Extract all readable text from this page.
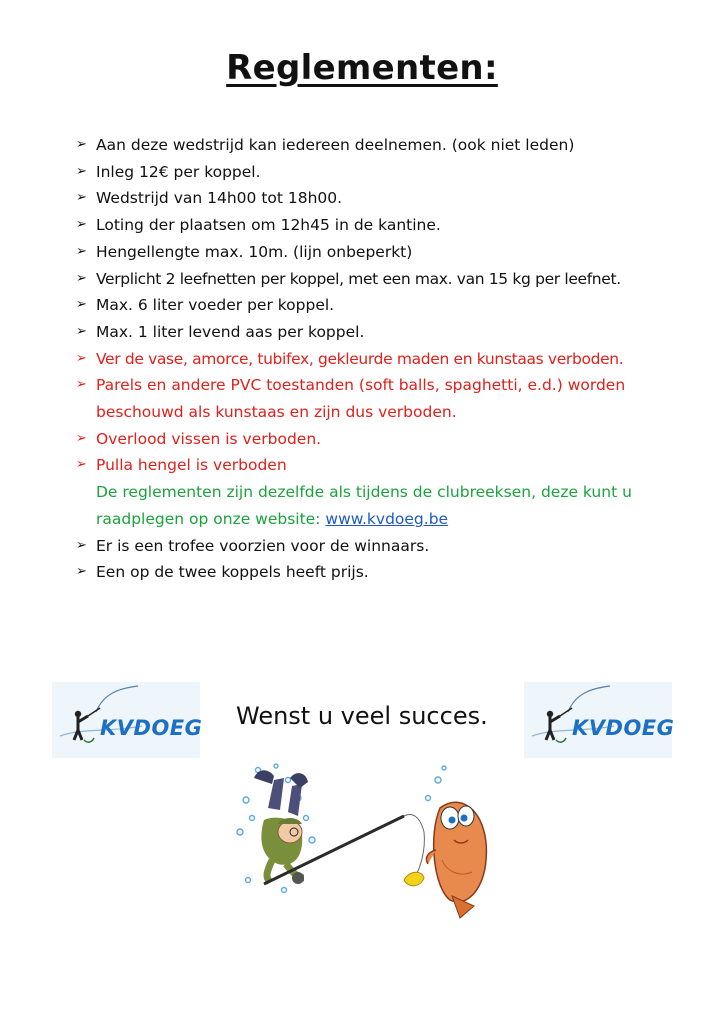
Reglementen:
➢ Aan deze wedstrijd kan iedereen deelnemen. (ook niet leden)
➢ Inleg 12€ per koppel.
➢ Wedstrijd van 14h00 tot 18h00.
➢ Loting der plaatsen om 12h45 in de kantine.
➢ Hengellengte max. 10m. (lijn onbeperkt)
➢ Verplicht 2 leefnetten per koppel, met een max. van 15 kg per leefnet.
➢ Max. 6 liter voeder per koppel.
➢ Max. 1 liter levend aas per koppel.
➢ Ver de vase, amorce, tubifex, gekleurde maden en kunstaas verboden.
➢ Parels en andere PVC toestanden (soft balls, spaghetti, e.d.) worden beschouwd als kunstaas en zijn dus verboden.
➢ Overlood vissen is verboden.
➢ Pulla hengel is verboden
De reglementen zijn dezelfde als tijdens de clubreeksen, deze kunt u raadplegen op onze website: www.kvdoeg.be
➢ Er is een trofee voorzien voor de winnaars.
➢ Een op de twee koppels heeft prijs.
KVDOEG	KVDOEG
Wenst u veel succes.
